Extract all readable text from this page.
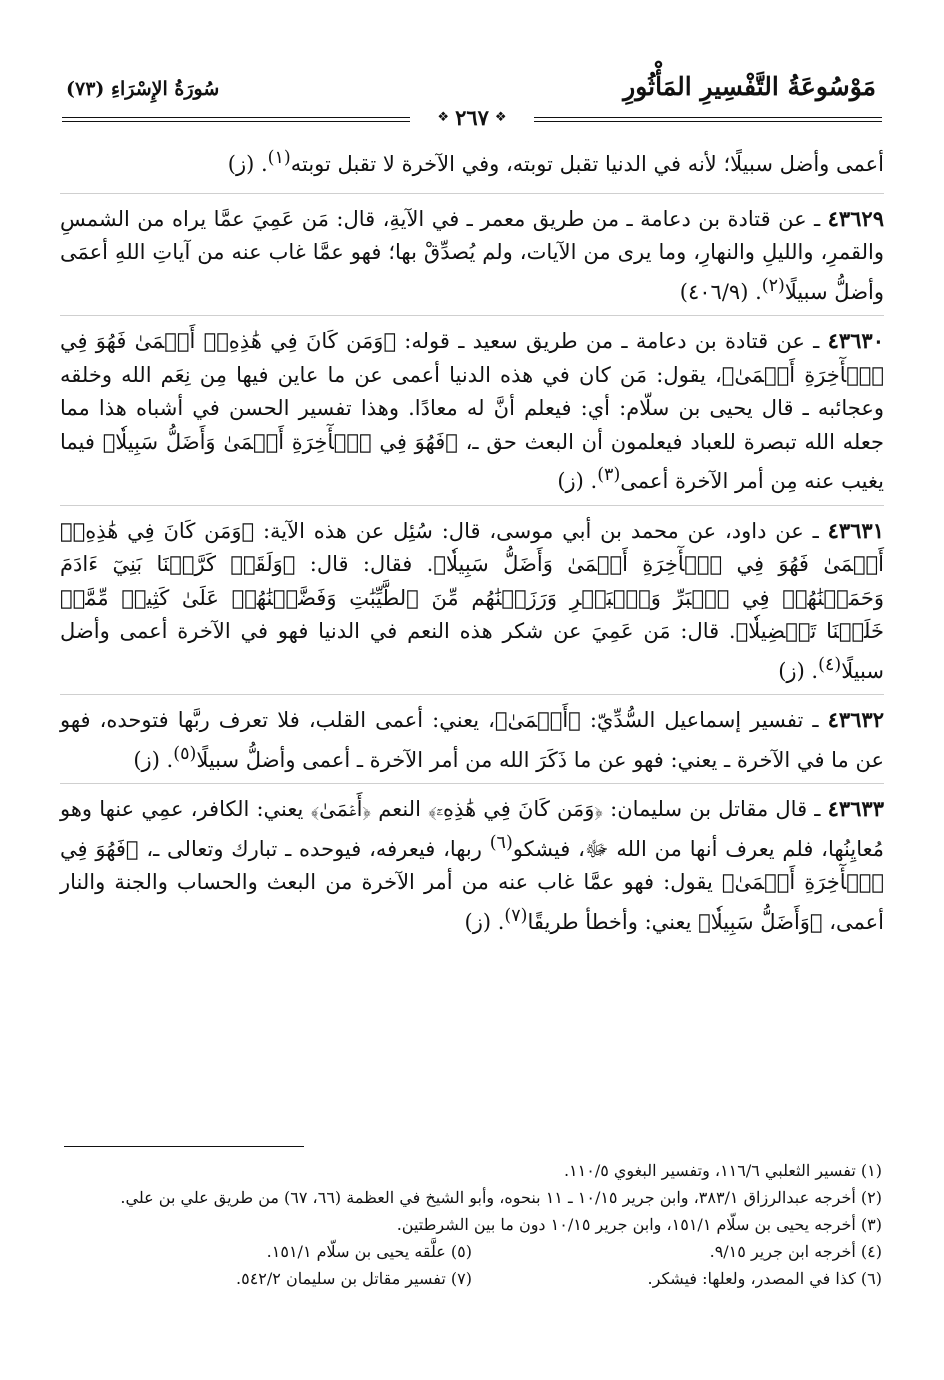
مَوْسُوعَةُ التَّفْسِيرِ المَأْثُورِ
سُورَةُ الإِسْرَاءِ (٧٣)
❖
٢٦٧
❖

أعمى وأضل سبيلًا؛ لأنه في الدنيا تقبل توبته، وفي الآخرة لا تقبل توبته$^{(١)}$. (ز)

٤٣٦٢٩ ـ عن قتادة بن دعامة ـ من طريق معمر ـ في الآيةِ، قال: مَن عَمِيَ عمَّا يراه من الشمسِ والقمرِ، والليلِ والنهارِ، وما يرى من الآيات، ولم يُصدِّقْ بها؛ فهو عمَّا غاب عنه من آياتِ اللهِ أعمَى وأضلُّ سبيلًا$^{(٢)}$. (٤٠٦/٩)

٤٣٦٣٠ ـ عن قتادة بن دعامة ـ من طريق سعيد ـ قوله: ﴿وَمَن كَانَ فِي هَٰذِهِۦٓ أَعۡمَىٰ فَهُوَ فِي ٱلۡأٓخِرَةِ أَعۡمَىٰ﴾، يقول: مَن كان في هذه الدنيا أعمى عن ما عاين فيها مِن نِعَم الله وخلقه وعجائبه ـ قال يحيى بن سلّام: أي: فيعلم أنَّ له معادًا. وهذا تفسير الحسن في أشباه هذا مما جعله الله تبصرة للعباد فيعلمون أن البعث حق ـ، ﴿فَهُوَ فِي ٱلۡأٓخِرَةِ أَعۡمَىٰ وَأَضَلُّ سَبِيلٗا﴾ فيما يغيب عنه مِن أمر الآخرة أعمى$^{(٣)}$. (ز)

٤٣٦٣١ ـ عن داود، عن محمد بن أبي موسى، قال: سُئِل عن هذه الآية: ﴿وَمَن كَانَ فِي هَٰذِهِۦٓ أَعۡمَىٰ فَهُوَ فِي ٱلۡأٓخِرَةِ أَعۡمَىٰ وَأَضَلُّ سَبِيلٗا﴾. فقال: قال: ﴿وَلَقَدۡ كَرَّمۡنَا بَنِيٓ ءَادَمَ وَحَمَلۡنَٰهُمۡ فِي ٱلۡبَرِّ وَٱلۡبَحۡرِ وَرَزَقۡنَٰهُم مِّنَ ٱلطَّيِّبَٰتِ وَفَضَّلۡنَٰهُمۡ عَلَىٰ كَثِيرٖ مِّمَّنۡ خَلَقۡنَا تَفۡضِيلٗا﴾. قال: مَن عَمِيَ عن شكر هذه النعم في الدنيا فهو في الآخرة أعمى وأضل سبيلًا$^{(٤)}$. (ز)

٤٣٦٣٢ ـ تفسير إسماعيل السُّدِّيّ: ﴿أَعۡمَىٰ﴾، يعني: أعمى القلب، فلا تعرف ربَّها فتوحده، فهو عن ما في الآخرة ـ يعني: فهو عن ما ذَكَرَ الله من أمر الآخرة ـ أعمى وأضلُّ سبيلًا$^{(٥)}$. (ز)

٤٣٦٣٣ ـ قال مقاتل بن سليمان: ﴿وَمَن كَانَ فِي هَٰذِهِۦٓ﴾ النعم ﴿أَعۡمَىٰ﴾ يعني: الكافر، عمِي عنها وهو مُعايِنُها، فلم يعرف أنها من الله ﷻ، فيشكو$^{(٦)}$ ربها، فيعرفه، فيوحده ـ تبارك وتعالى ـ، ﴿فَهُوَ فِي ٱلۡأٓخِرَةِ أَعۡمَىٰ﴾ يقول: فهو عمَّا غاب عنه من أمر الآخرة من البعث والحساب والجنة والنار أعمى، ﴿وَأَضَلُّ سَبِيلٗا﴾ يعني: وأخطأ طريقًا$^{(٧)}$. (ز)

(١) تفسير الثعلبي ١١٦/٦، وتفسير البغوي ١١٠/٥.

(٢) أخرجه عبدالرزاق ٣٨٣/١، وابن جرير ١٠/١٥ ـ ١١ بنحوه، وأبو الشيخ في العظمة (٦٦، ٦٧) من طريق علي بن علي.

(٣) أخرجه يحيى بن سلّام ١٥١/١، وابن جرير ١٠/١٥ دون ما بين الشرطتين.

(٤) أخرجه ابن جرير ٩/١٥.

(٥) علَّقه يحيى بن سلّام ١٥١/١.

(٦) كذا في المصدر، ولعلها: فيشكر.

(٧) تفسير مقاتل بن سليمان ٥٤٢/٢.
